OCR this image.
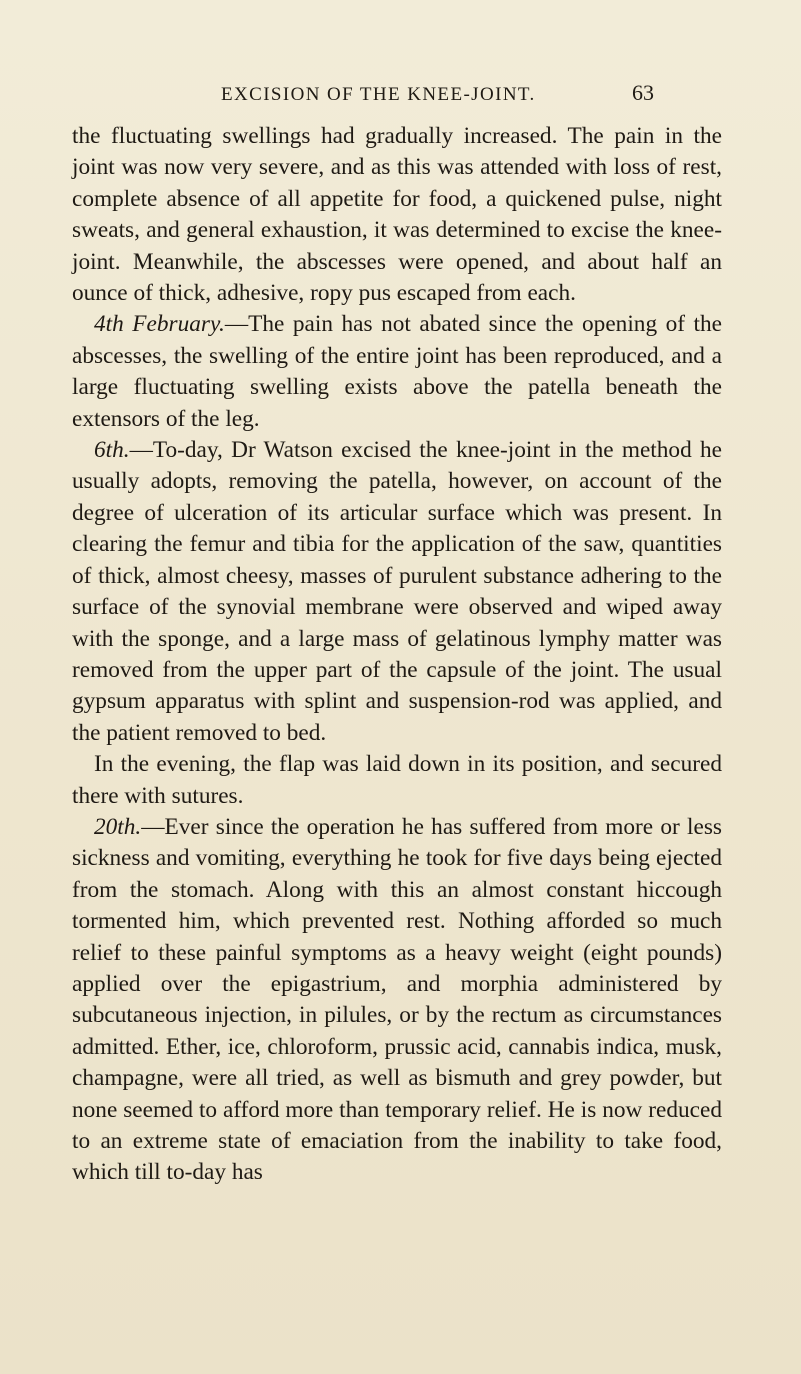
EXCISION OF THE KNEE-JOINT.	63

the fluctuating swellings had gradually increased. The pain in the joint was now very severe, and as this was attended with loss of rest, complete absence of all appetite for food, a quickened pulse, night sweats, and general exhaustion, it was determined to excise the knee-joint. Meanwhile, the abscesses were opened, and about half an ounce of thick, adhesive, ropy pus escaped from each.

4th February.—The pain has not abated since the opening of the abscesses, the swelling of the entire joint has been reproduced, and a large fluctuating swelling exists above the patella beneath the extensors of the leg.

6th.—To-day, Dr Watson excised the knee-joint in the method he usually adopts, removing the patella, however, on account of the degree of ulceration of its articular surface which was present. In clearing the femur and tibia for the application of the saw, quantities of thick, almost cheesy, masses of purulent substance adhering to the surface of the synovial membrane were observed and wiped away with the sponge, and a large mass of gelatinous lymphy matter was removed from the upper part of the capsule of the joint. The usual gypsum apparatus with splint and suspension-rod was applied, and the patient removed to bed.

In the evening, the flap was laid down in its position, and secured there with sutures.

20th.—Ever since the operation he has suffered from more or less sickness and vomiting, everything he took for five days being ejected from the stomach. Along with this an almost constant hiccough tormented him, which prevented rest. Nothing afforded so much relief to these painful symptoms as a heavy weight (eight pounds) applied over the epigastrium, and morphia administered by subcutaneous injection, in pilules, or by the rectum as circumstances admitted. Ether, ice, chloroform, prussic acid, cannabis indica, musk, champagne, were all tried, as well as bismuth and grey powder, but none seemed to afford more than temporary relief. He is now reduced to an extreme state of emaciation from the inability to take food, which till to-day has
